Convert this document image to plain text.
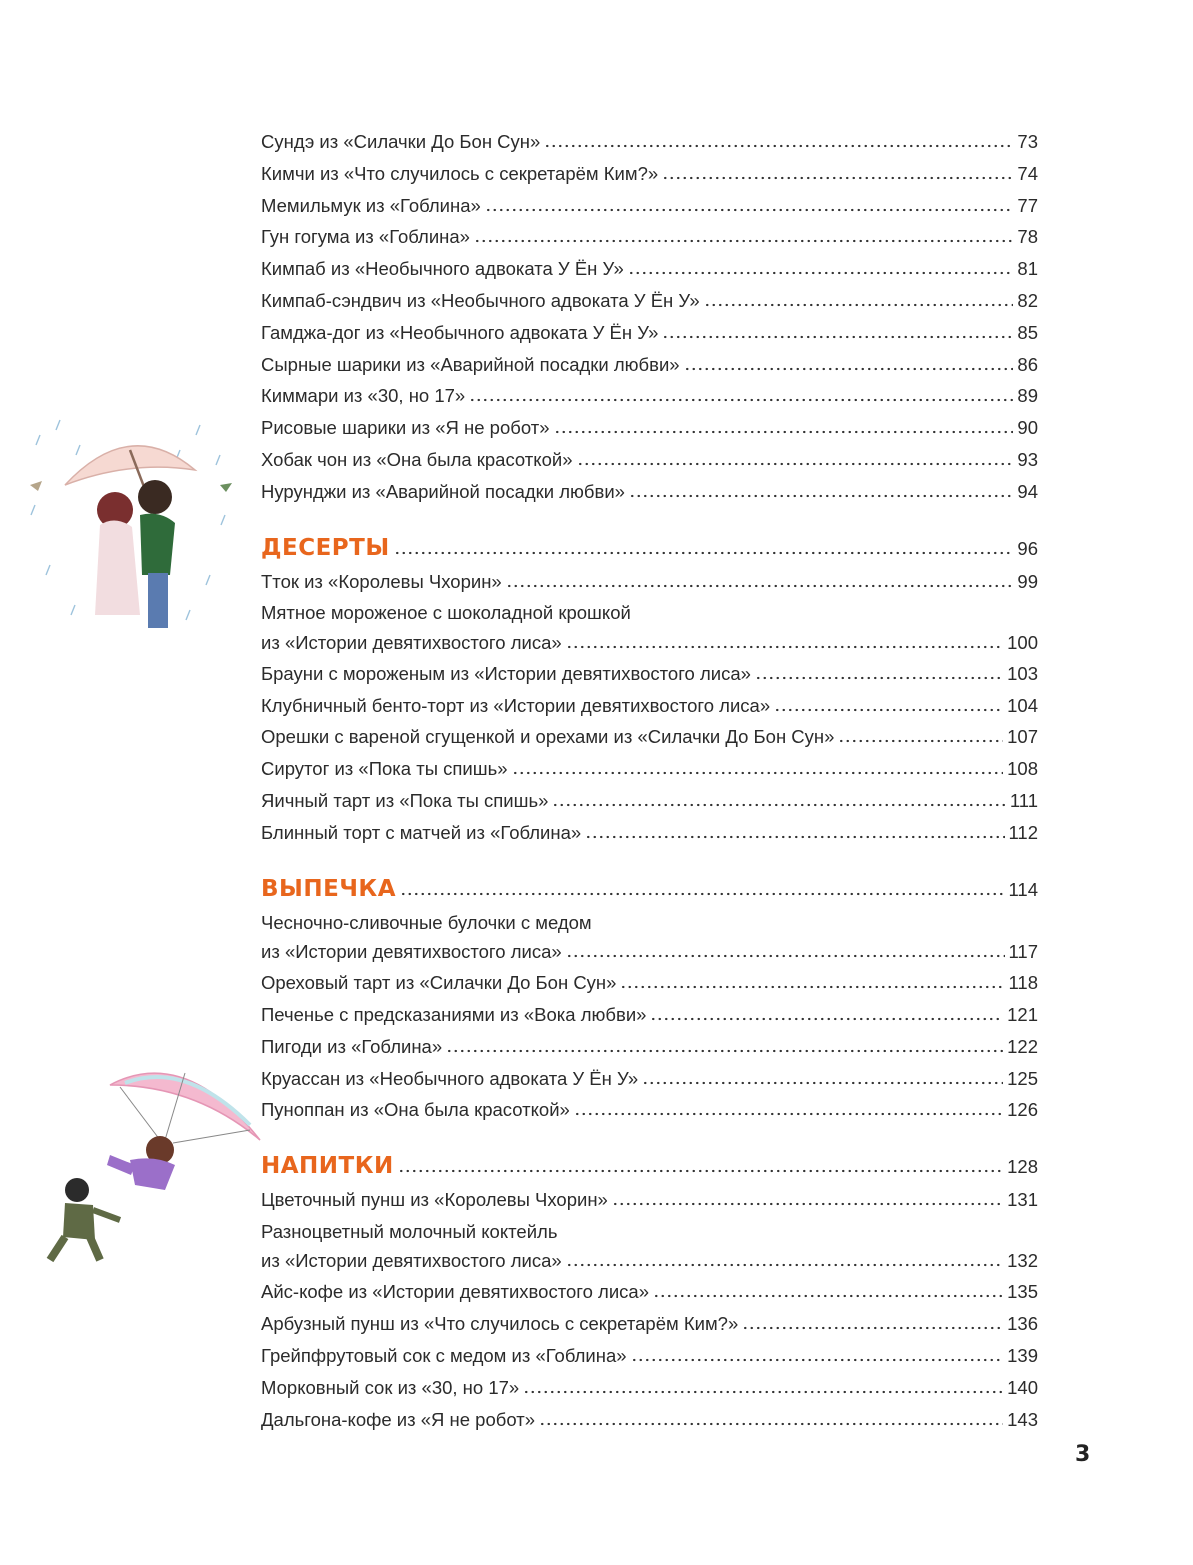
Сундэ из «Силачки До Бон Сун»	73
Кимчи из «Что случилось с секретарём Ким?»	74
Мемильмук из «Гоблина»	77
Гун гогума из «Гоблина»	78
Кимпаб из «Необычного адвоката У Ён У»	81
Кимпаб-сэндвич из «Необычного адвоката У Ён У»	82
Гамджа-дог из «Необычного адвоката У Ён У»	85
Сырные шарики из «Аварийной посадки любви»	86
Киммари из «30, но 17»	89
Рисовые шарики из «Я не робот»	90
Хобак чон из «Она была красоткой»	93
Нурунджи из «Аварийной посадки любви»	94
ДЕСЕРТЫ	96
Тток из «Королевы Чхорин»	99
Мятное мороженое с шоколадной крошкой
из «Истории девятихвостого лиса»	100
Брауни с мороженым из «Истории девятихвостого лиса»	103
Клубничный бенто-торт из «Истории девятихвостого лиса»	104
Орешки с вареной сгущенкой и орехами из «Силачки До Бон Сун»	107
Сирутог из «Пока ты спишь»	108
Яичный тарт из «Пока ты спишь»	111
Блинный торт с матчей из «Гоблина»	112
ВЫПЕЧКА	114
Чесночно-сливочные булочки с медом
из «Истории девятихвостого лиса»	117
Ореховый тарт из «Силачки До Бон Сун»	118
Печенье с предсказаниями из «Вока любви»	121
Пигоди из «Гоблина»	122
Круассан из «Необычного адвоката У Ён У»	125
Пуноппан из «Она была красоткой»	126
НАПИТКИ	128
Цветочный пунш из «Королевы Чхорин»	131
Разноцветный молочный коктейль
из «Истории девятихвостого лиса»	132
Айс-кофе из «Истории девятихвостого лиса»	135
Арбузный пунш из «Что случилось с секретарём Ким?»	136
Грейпфрутовый сок с медом из «Гоблина»	139
Морковный сок из «30, но 17»	140
Дальгона-кофе из «Я не робот»	143
3
